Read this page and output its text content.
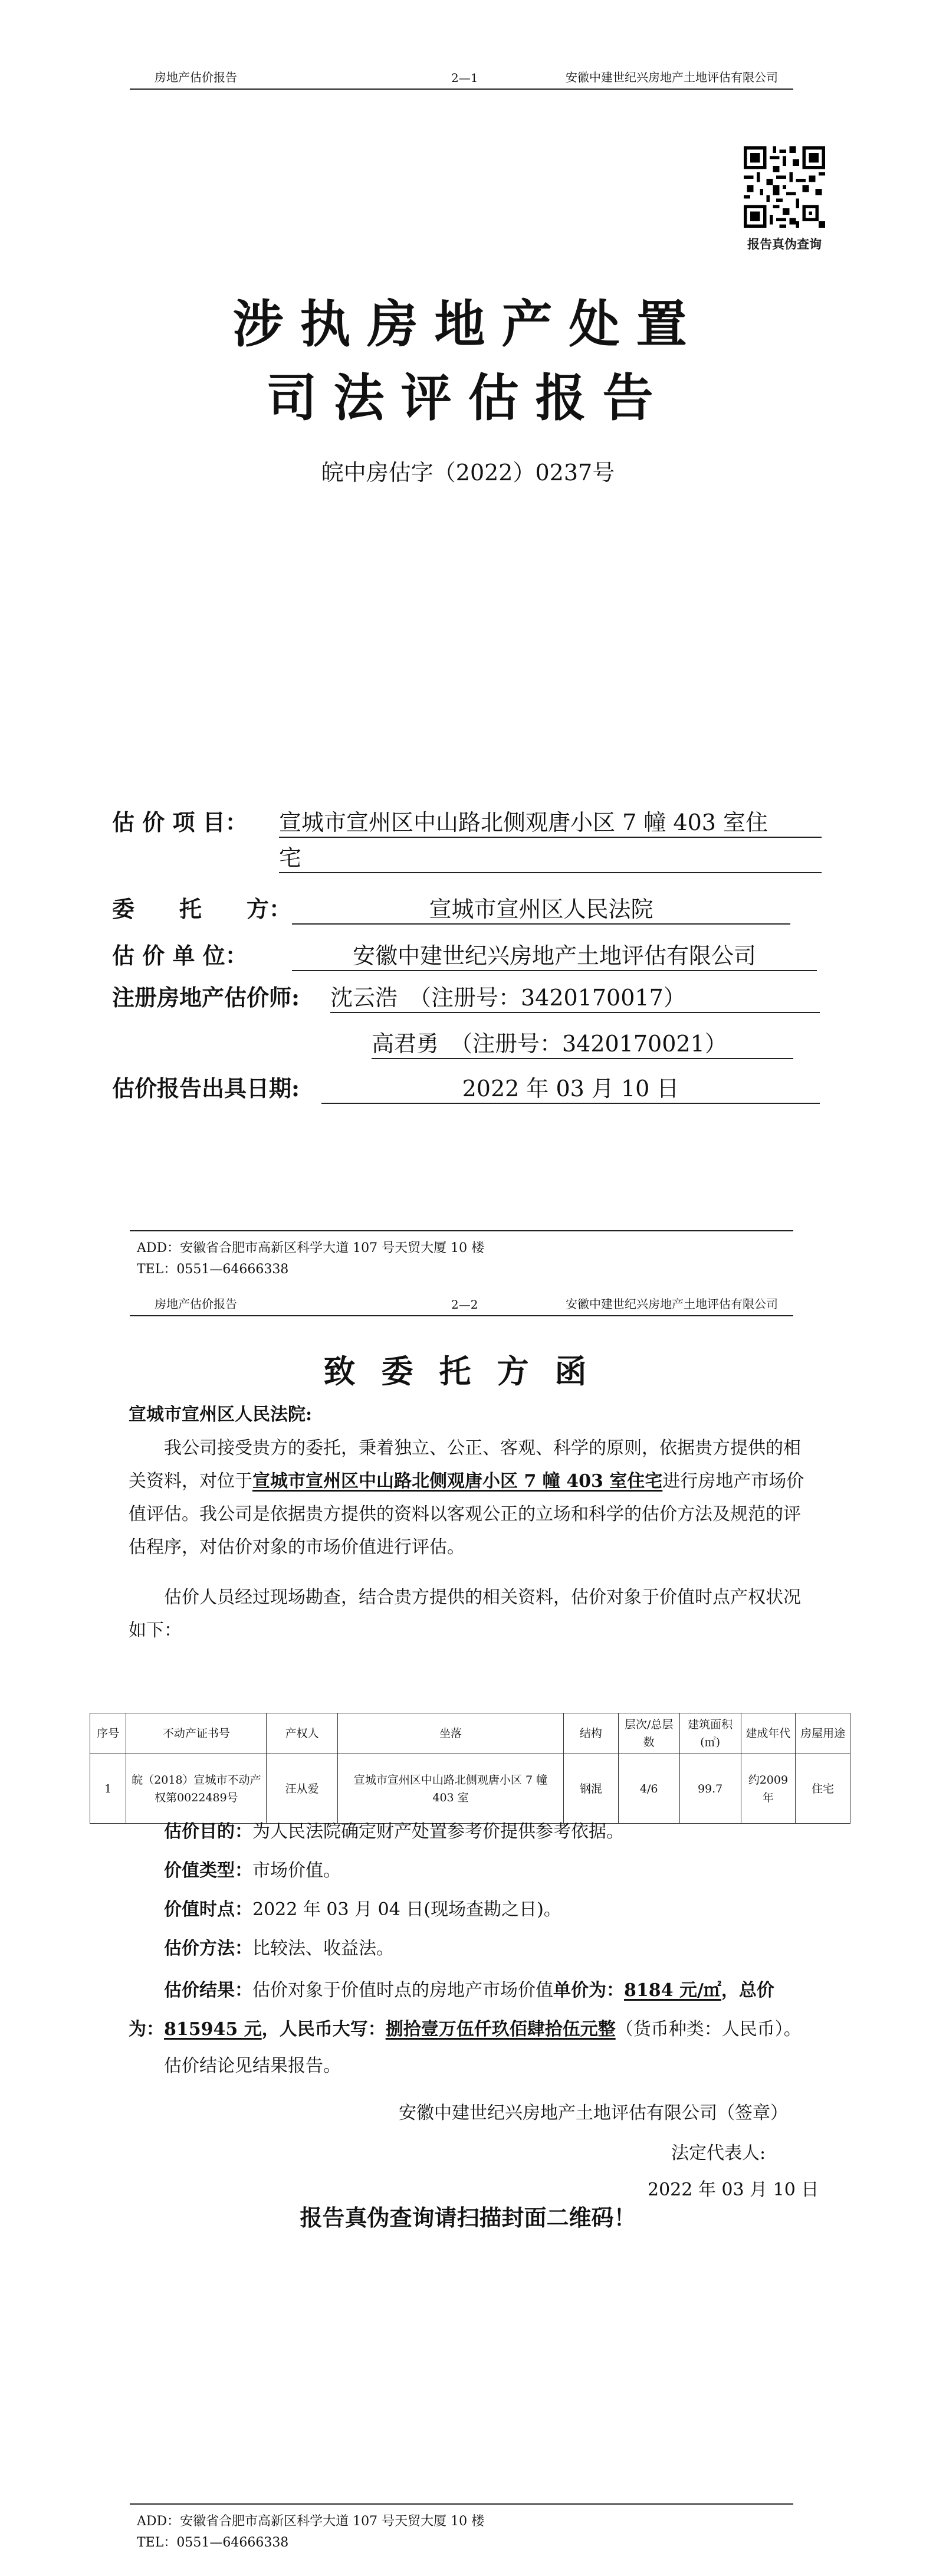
房地产估价报告	2—1	安徽中建世纪兴房地产土地评估有限公司
报告真伪查询
涉执房地产处置
司法评估报告
皖中房估字（2022）0237号
估 价 项 目： 宣城市宣州区中山路北侧观唐小区 7 幢 403 室住
宅
委　　托　　方：	宣城市宣州区人民法院
估 价 单 位：	安徽中建世纪兴房地产土地评估有限公司
注册房地产估价师: 沈云浩　（注册号：3420170017）
高君勇　（注册号：3420170021）
估价报告出具日期:	2022 年 03 月 10 日
ADD：安徽省合肥市高新区科学大道 107 号天贸大厦 10 楼
TEL：0551—64666338
房地产估价报告	2—2	安徽中建世纪兴房地产土地评估有限公司
致委托方函
宣城市宣州区人民法院:
我公司接受贵方的委托，秉着独立、公正、客观、科学的原则，依据贵方提供的相关资料，对位于宣城市宣州区中山路北侧观唐小区 7 幢 403 室住宅进行房地产市场价值评估。我公司是依据贵方提供的资料以客观公正的立场和科学的估价方法及规范的评估程序，对估价对象的市场价值进行评估。
估价人员经过现场勘查，结合贵方提供的相关资料，估价对象于价值时点产权状况如下：
序号	不动产证书号	产权人	坐落	结构	层次/总层数	建筑面积(㎡)	建成年代	房屋用途
1	皖（2018）宣城市不动产权第0022489号	汪从爱	宣城市宣州区中山路北侧观唐小区 7 幢 403 室	钢混	4/6	99.7	约2009年	住宅
估价目的：为人民法院确定财产处置参考价提供参考依据。
价值类型：市场价值。
价值时点：2022 年 03 月 04 日(现场查勘之日)。
估价方法：比较法、收益法。
估价结果：估价对象于价值时点的房地产市场价值单价为：8184 元/㎡，总价为：815945 元，人民币大写：捌拾壹万伍仟玖佰肆拾伍元整（货币种类：人民币）。
估价结论见结果报告。
安徽中建世纪兴房地产土地评估有限公司（签章）
法定代表人:
2022 年 03 月 10 日
报告真伪查询请扫描封面二维码！
ADD：安徽省合肥市高新区科学大道 107 号天贸大厦 10 楼
TEL：0551—64666338
